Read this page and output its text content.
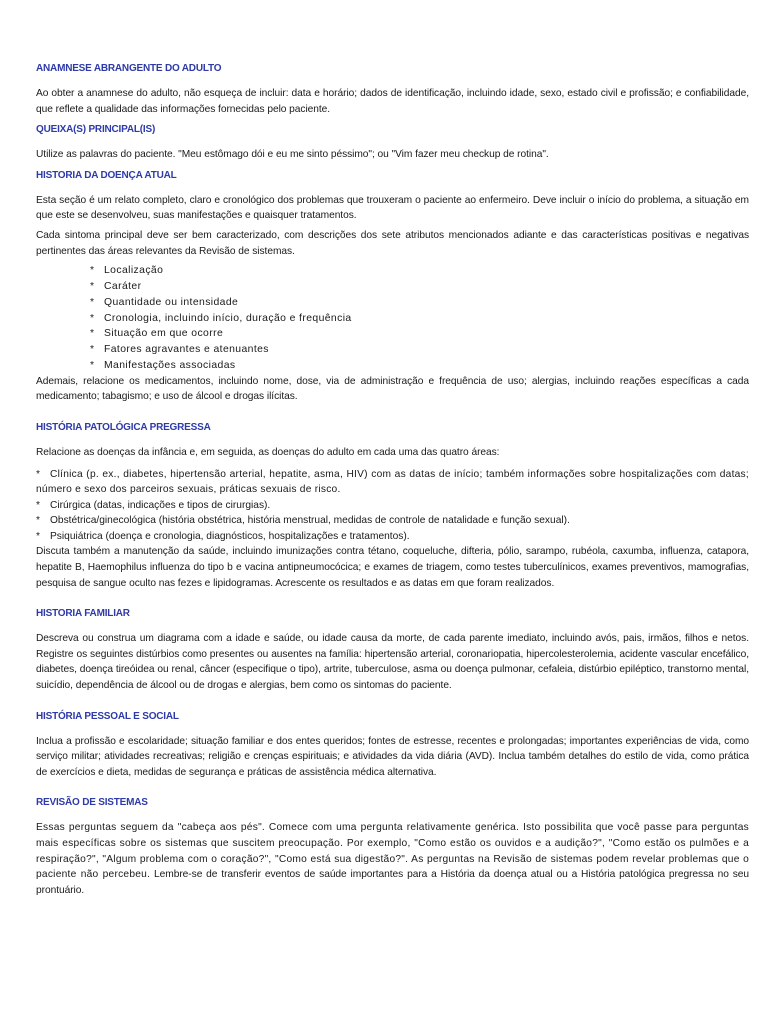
ANAMNESE ABRANGENTE DO ADULTO

Ao obter a anamnese do adulto, não esqueça de incluir: data e horário; dados de identificação, incluindo idade, sexo, estado civil e profissão; e confiabilidade, que reflete a qualidade das informações fornecidas pelo paciente.

QUEIXA(S) PRINCIPAL(IS)

Utilize as palavras do paciente. "Meu estômago dói e eu me sinto péssimo"; ou "Vim fazer meu checkup de rotina".

HISTORIA DA DOENÇA ATUAL

Esta seção é um relato completo, claro e cronológico dos problemas que trouxeram o paciente ao enfermeiro. Deve incluir o início do problema, a situação em que este se desenvolveu, suas manifestações e quaisquer tratamentos.

Cada sintoma principal deve ser bem caracterizado, com descrições dos sete atributos mencionados adiante e das características positivas e negativas pertinentes das áreas relevantes da Revisão de sistemas.

* Localização
* Caráter
* Quantidade ou intensidade
* Cronologia, incluindo início, duração e frequência
* Situação em que ocorre
* Fatores agravantes e atenuantes
* Manifestações associadas

Ademais, relacione os medicamentos, incluindo nome, dose, via de administração e frequência de uso; alergias, incluindo reações específicas a cada medicamento; tabagismo; e uso de álcool e drogas ilícitas.

HISTÓRIA PATOLÓGICA PREGRESSA

Relacione as doenças da infância e, em seguida, as doenças do adulto em cada uma das quatro áreas:

* Clínica (p. ex., diabetes, hipertensão arterial, hepatite, asma, HIV) com as datas de início; também informações sobre hospitalizações com datas; número e sexo dos parceiros sexuais, práticas sexuais de risco.
* Cirúrgica (datas, indicações e tipos de cirurgias).
* Obstétrica/ginecológica (história obstétrica, história menstrual, medidas de controle de natalidade e função sexual).
* Psiquiátrica (doença e cronologia, diagnósticos, hospitalizações e tratamentos).

Discuta também a manutenção da saúde, incluindo imunizações contra tétano, coqueluche, difteria, pólio, sarampo, rubéola, caxumba, influenza, catapora, hepatite B, Haemophilus influenza do tipo b e vacina antipneumocócica; e exames de triagem, como testes tuberculínicos, exames preventivos, mamografias, pesquisa de sangue oculto nas fezes e lipidogramas. Acrescente os resultados e as datas em que foram realizados.

HISTORIA FAMILIAR

Descreva ou construa um diagrama com a idade e saúde, ou idade causa da morte, de cada parente imediato, incluindo avós, pais, irmãos, filhos e netos. Registre os seguintes distúrbios como presentes ou ausentes na família: hipertensão arterial, coronariopatia, hipercolesterolemia, acidente vascular encefálico, diabetes, doença tireóidea ou renal, câncer (especifique o tipo), artrite, tuberculose, asma ou doença pulmonar, cefaleia, distúrbio epiléptico, transtorno mental, suicídio, dependência de álcool ou de drogas e alergias, bem como os sintomas do paciente.

HISTÓRIA PESSOAL E SOCIAL

Inclua a profissão e escolaridade; situação familiar e dos entes queridos; fontes de estresse, recentes e prolongadas; importantes experiências de vida, como serviço militar; atividades recreativas; religião e crenças espirituais; e atividades da vida diária (AVD). Inclua também detalhes do estilo de vida, como prática de exercícios e dieta, medidas de segurança e práticas de assistência médica alternativa.

REVISÃO DE SISTEMAS

Essas perguntas seguem da "cabeça aos pés". Comece com uma pergunta relativamente genérica. Isto possibilita que você passe para perguntas mais específicas sobre os sistemas que suscitem preocupação. Por exemplo, "Como estão os ouvidos e a audição?", "Como estão os pulmões e a respiração?", "Algum problema com o coração?", "Como está sua digestão?". As perguntas na Revisão de sistemas podem revelar problemas que o paciente não percebeu. Lembre-se de transferir eventos de saúde importantes para a História da doença atual ou a História patológica pregressa no seu prontuário.
